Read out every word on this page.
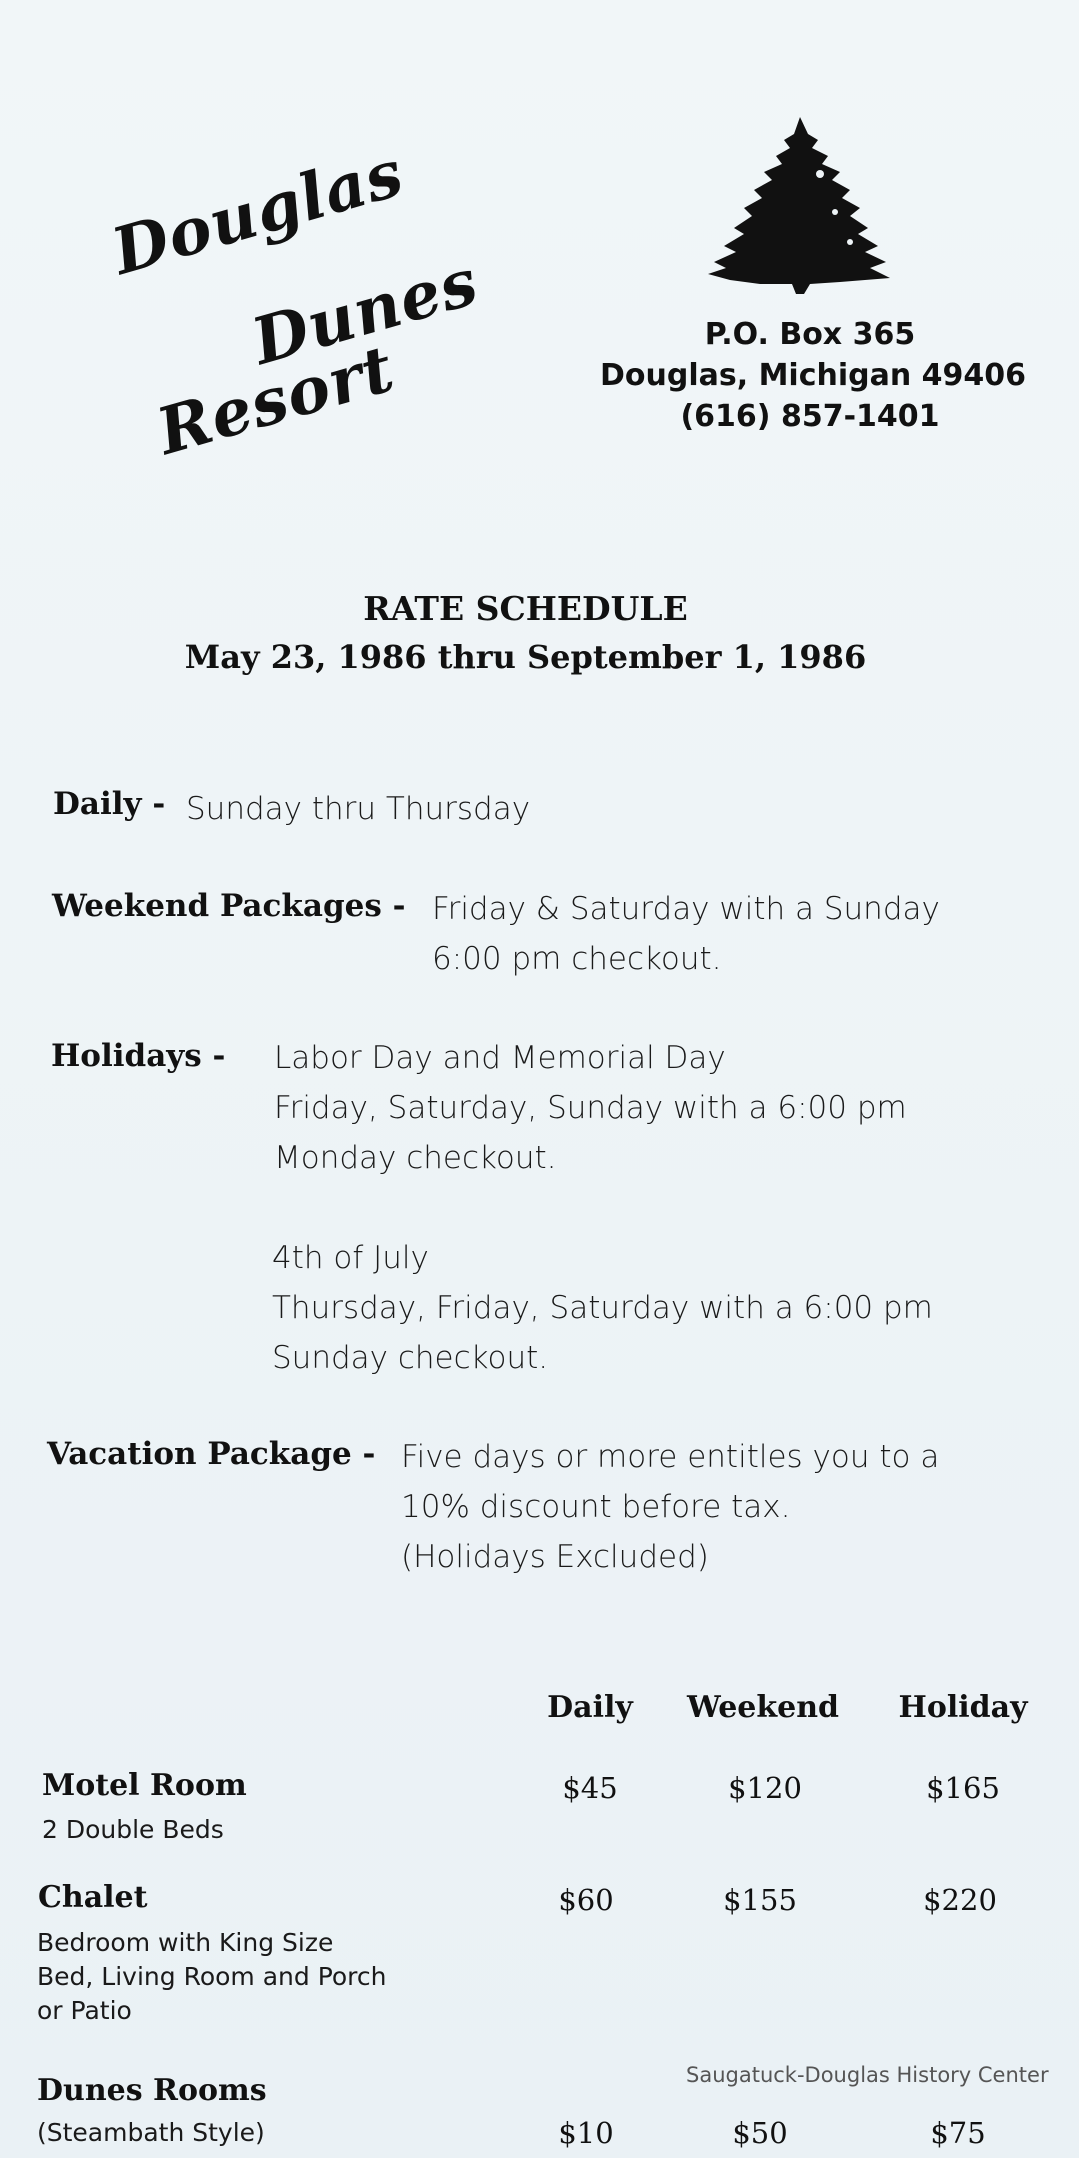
Douglas
Dunes
Resort	P.O. Box 365
Douglas, Michigan 49406
(616) 857-1401
RATE SCHEDULE
May 23, 1986 thru September 1, 1986
Daily - Sunday thru Thursday
Weekend Packages - Friday & Saturday with a Sunday
6:00 pm checkout.
Holidays - Labor Day and Memorial Day
Friday, Saturday, Sunday with a 6:00 pm
Monday checkout.
4th of July
Thursday, Friday, Saturday with a 6:00 pm
Sunday checkout.
Vacation Package - Five days or more entitles you to a
10% discount before tax.
(Holidays Excluded)
Daily	Weekend	Holiday
Motel Room
2 Double Beds
$45	$120	$165
Chalet
Bedroom with King Size
Bed, Living Room and Porch
or Patio
$60	$155	$220
Dunes Rooms
(Steambath Style)	$10	$50	$75
Saugatuck-Douglas History Center
